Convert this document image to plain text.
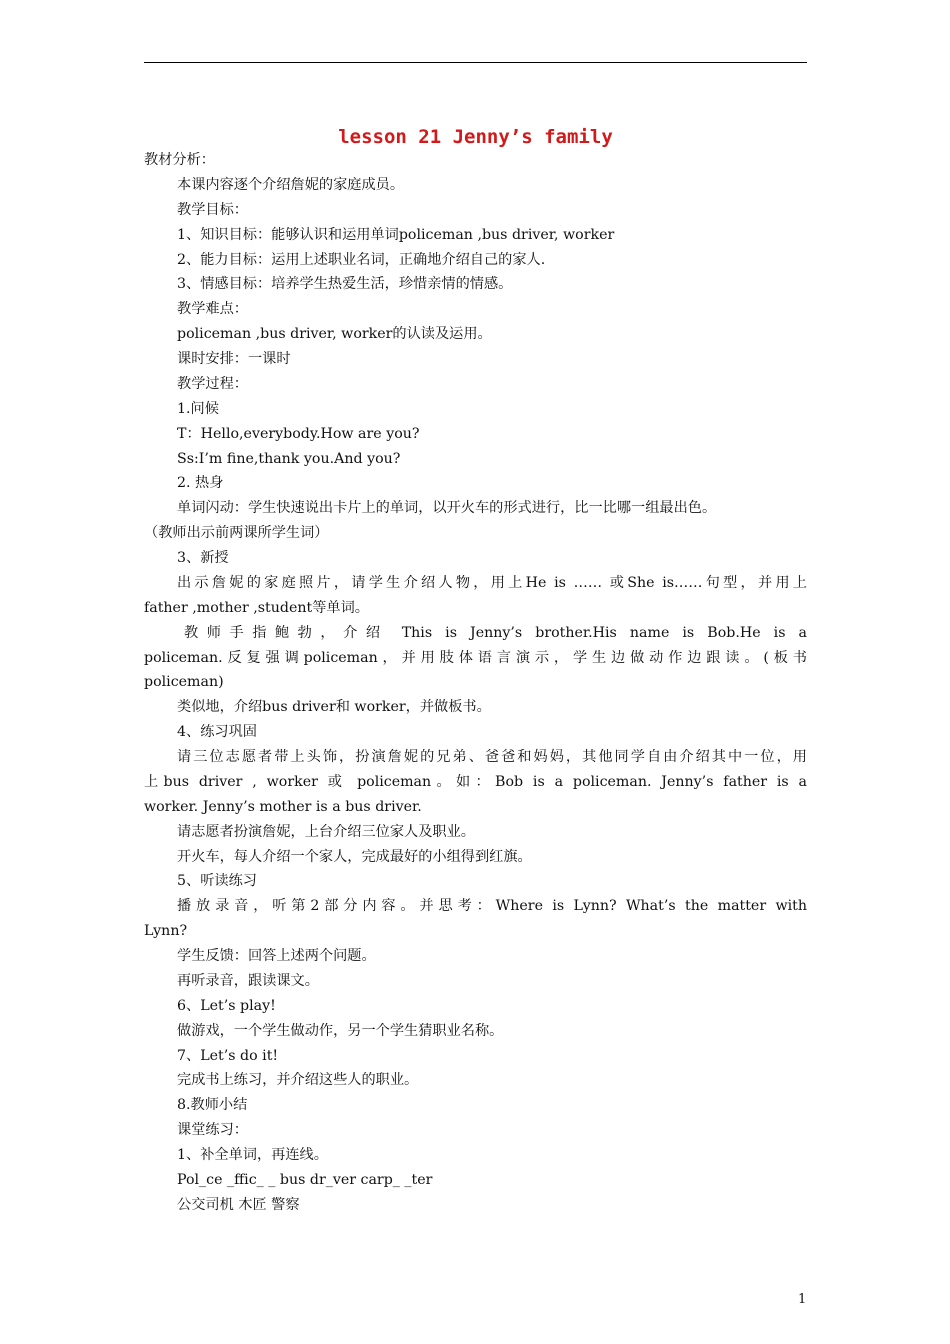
lesson 21 Jenny’s family
教材分析：
本课内容逐个介绍詹妮的家庭成员。
教学目标：
1、知识目标：能够认识和运用单词policeman ,bus driver, worker
2、能力目标：运用上述职业名词，正确地介绍自己的家人.
3、情感目标：培养学生热爱生活，珍惜亲情的情感。
教学难点：
policeman ,bus driver, worker的认读及运用。
课时安排：一课时
教学过程：
1.问候
T：Hello,everybody.How are you?
Ss:I’m fine,thank you.And you?
2. 热身
单词闪动：学生快速说出卡片上的单词，以开火车的形式进行，比一比哪一组最出色。
（教师出示前两课所学生词）
3、新授
出示詹妮的家庭照片，请学生介绍人物，用上He is …… 或She is……句型，并用上
father ,mother ,student等单词。
教师手指鲍勃，介绍 This is Jenny’s brother.His name is Bob.He is a
policeman.反复强调policeman，并用肢体语言演示，学生边做动作边跟读。(板书
policeman)
类似地，介绍bus driver和 worker，并做板书。
4、练习巩固
请三位志愿者带上头饰，扮演詹妮的兄弟、爸爸和妈妈，其他同学自由介绍其中一位，用
上bus driver , worker 或 policeman。如：Bob is a policeman. Jenny’s father is a
worker. Jenny’s mother is a bus driver.
请志愿者扮演詹妮，上台介绍三位家人及职业。
开火车，每人介绍一个家人，完成最好的小组得到红旗。
5、听读练习
播放录音，听第2部分内容。并思考：Where is Lynn? What’s the matter with
Lynn?
学生反馈：回答上述两个问题。
再听录音，跟读课文。
6、Let’s play!
做游戏，一个学生做动作，另一个学生猜职业名称。
7、Let’s do it!
完成书上练习，并介绍这些人的职业。
8.教师小结
课堂练习：
1、补全单词，再连线。
Pol_ce _ffic_ _ bus dr_ver carp_ _ter
公交司机 木匠 警察
1
